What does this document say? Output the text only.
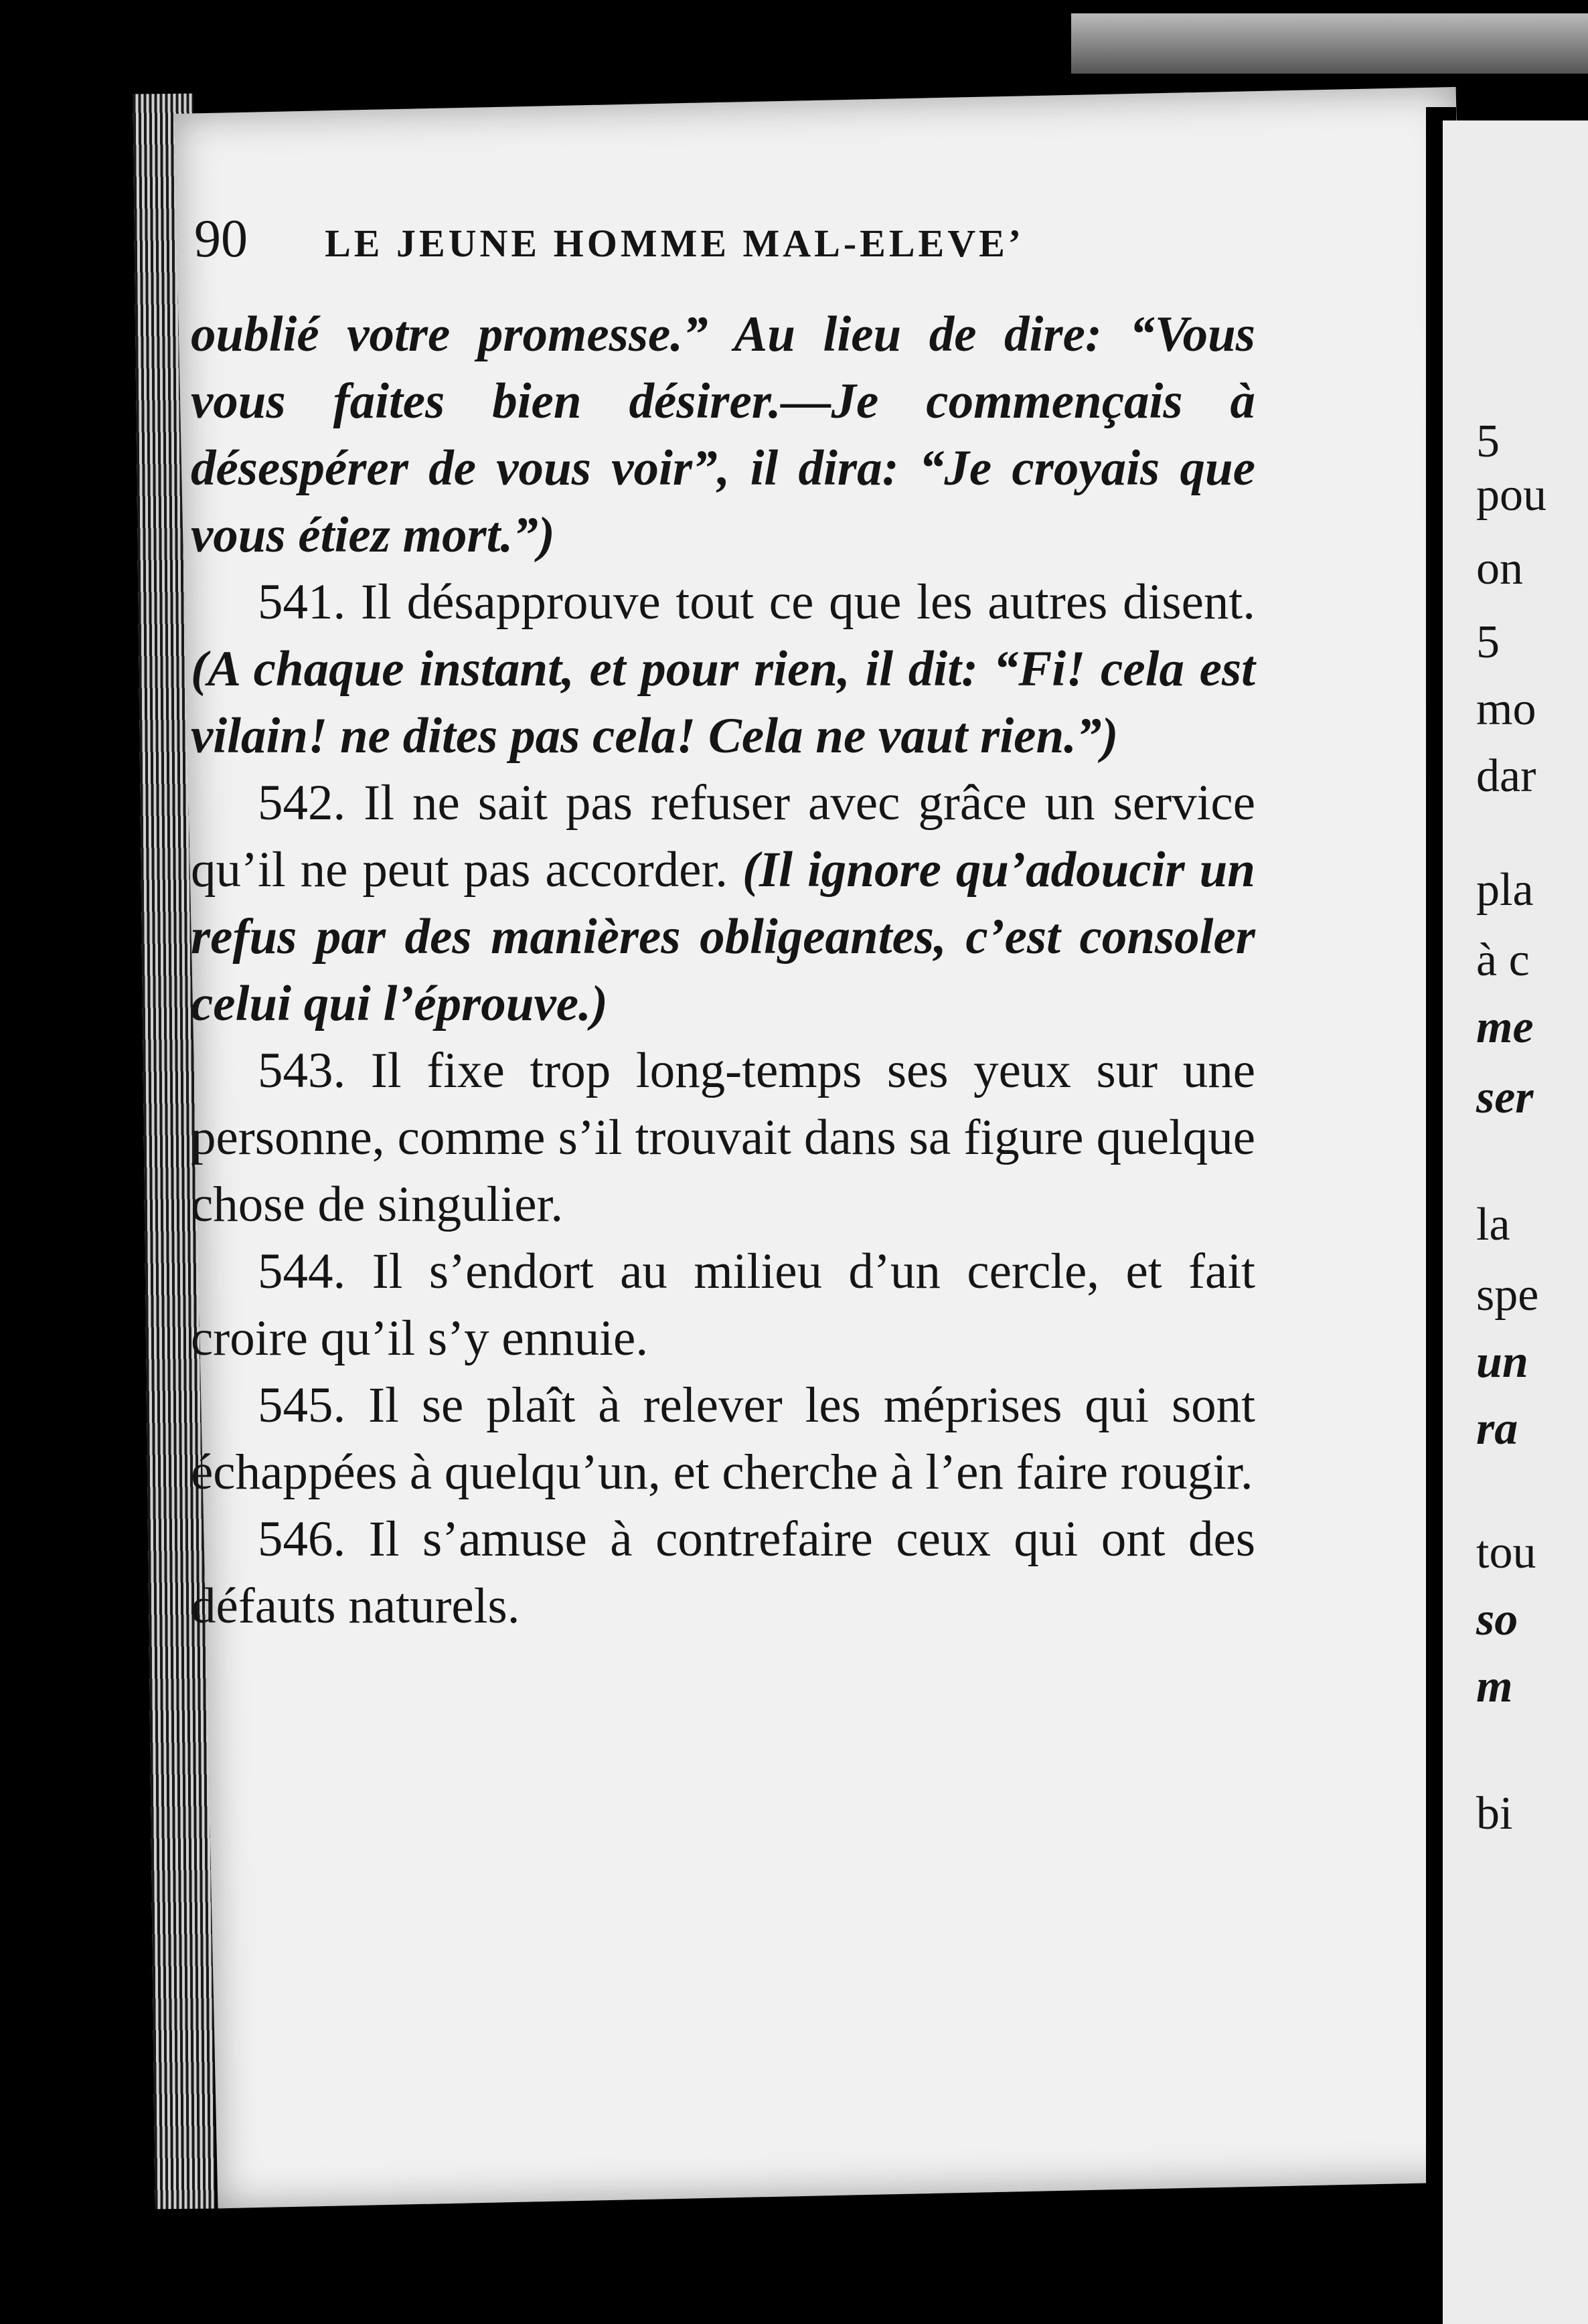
90 LE JEUNE HOMME MAL-ELEVE’

oublié votre promesse.” Au lieu de dire: “Vous vous faites bien désirer.—Je commençais à désespérer de vous voir”, il dira: “Je croyais que vous étiez mort.”)

541. Il désapprouve tout ce que les autres disent. (A chaque instant, et pour rien, il dit: “Fi! cela est vilain! ne dites pas cela! Cela ne vaut rien.”)

542. Il ne sait pas refuser avec grâce un service qu’il ne peut pas accorder. (Il ignore qu’adoucir un refus par des manières obligeantes, c’est consoler celui qui l’éprouve.)

543. Il fixe trop long-temps ses yeux sur une personne, comme s’il trouvait dans sa figure quelque chose de singulier.

544. Il s’endort au milieu d’un cercle, et fait croire qu’il s’y ennuie.

545. Il se plaît à relever les méprises qui sont échappées à quelqu’un, et cherche à l’en faire rougir.

546. Il s’amuse à contrefaire ceux qui ont des défauts naturels.

5
pou
on
5
mo
dar
pla
à c
me
ser
la
spe
un
ra
tou
so
m
bi
